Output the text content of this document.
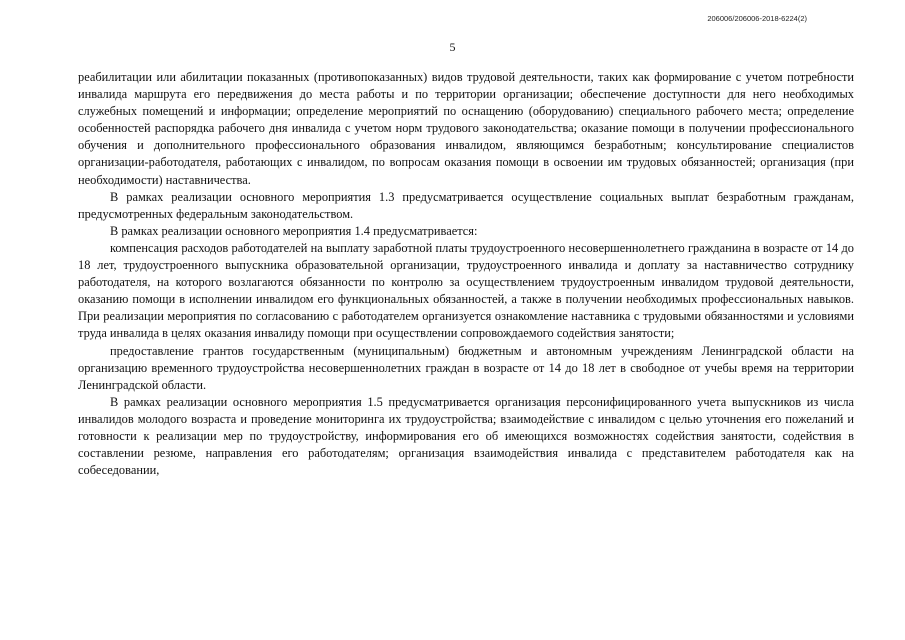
206006/206006-2018-6224(2)
5

реабилитации или абилитации показанных (противопоказанных) видов трудовой деятельности, таких как формирование с учетом потребности инвалида маршрута его передвижения до места работы и по территории организации; обеспечение доступности для него необходимых служебных помещений и информации; определение мероприятий по оснащению (оборудованию) специального рабочего места; определение особенностей распорядка рабочего дня инвалида с учетом норм трудового законодательства; оказание помощи в получении профессионального обучения и дополнительного профессионального образования инвалидом, являющимся безработным; консультирование специалистов организации-работодателя, работающих с инвалидом, по вопросам оказания помощи в освоении им трудовых обязанностей; организация (при необходимости) наставничества.

В рамках реализации основного мероприятия 1.3 предусматривается осуществление социальных выплат безработным гражданам, предусмотренных федеральным законодательством.

В рамках реализации основного мероприятия 1.4 предусматривается:

компенсация расходов работодателей на выплату заработной платы трудоустроенного несовершеннолетнего гражданина в возрасте от 14 до 18 лет, трудоустроенного выпускника образовательной организации, трудоустроенного инвалида и доплату за наставничество сотруднику работодателя, на которого возлагаются обязанности по контролю за осуществлением трудоустроенным инвалидом трудовой деятельности, оказанию помощи в исполнении инвалидом его функциональных обязанностей, а также в получении необходимых профессиональных навыков. При реализации мероприятия по согласованию с работодателем организуется ознакомление наставника с трудовыми обязанностями и условиями труда инвалида в целях оказания инвалиду помощи при осуществлении сопровождаемого содействия занятости;

предоставление грантов государственным (муниципальным) бюджетным и автономным учреждениям Ленинградской области на организацию временного трудоустройства несовершеннолетних граждан в возрасте от 14 до 18 лет в свободное от учебы время на территории Ленинградской области.

В рамках реализации основного мероприятия 1.5 предусматривается организация персонифицированного учета выпускников из числа инвалидов молодого возраста и проведение мониторинга их трудоустройства; взаимодействие с инвалидом с целью уточнения его пожеланий и готовности к реализации мер по трудоустройству, информирования его об имеющихся возможностях содействия занятости, содействия в составлении резюме, направления его работодателям; организация взаимодействия инвалида с представителем работодателя как на собеседовании,
